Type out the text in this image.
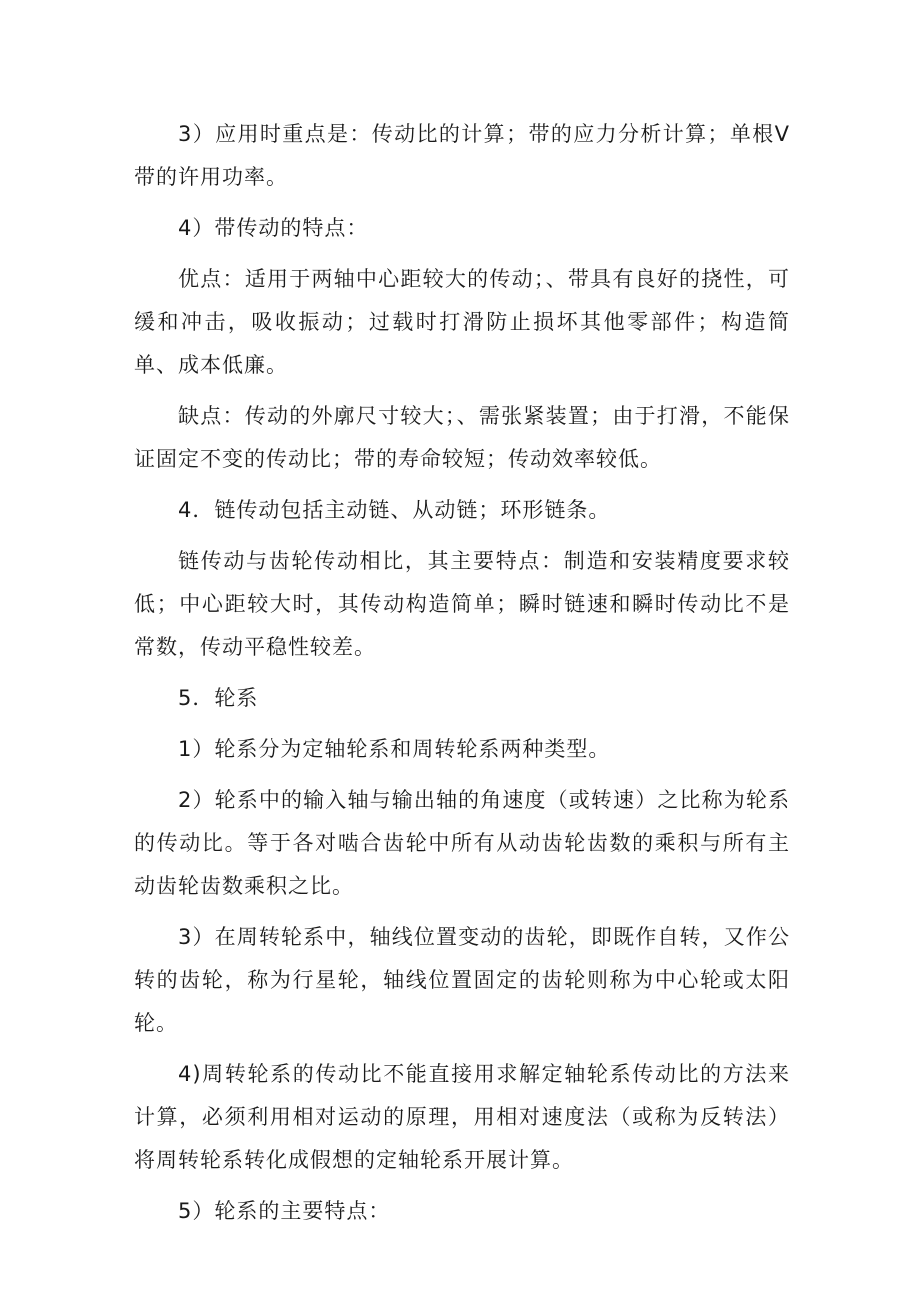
3）应用时重点是：传动比的计算；带的应力分析计算；单根V带的许用功率。

4）带传动的特点：

优点：适用于两轴中心距较大的传动；、带具有良好的挠性，可缓和冲击，吸收振动；过载时打滑防止损坏其他零部件；构造简单、成本低廉。

缺点：传动的外廓尺寸较大；、需张紧装置；由于打滑，不能保证固定不变的传动比；带的寿命较短；传动效率较低。

4．链传动包括主动链、从动链；环形链条。

链传动与齿轮传动相比，其主要特点：制造和安装精度要求较低；中心距较大时，其传动构造简单；瞬时链速和瞬时传动比不是常数，传动平稳性较差。

5．轮系

1）轮系分为定轴轮系和周转轮系两种类型。

2）轮系中的输入轴与输出轴的角速度（或转速）之比称为轮系的传动比。等于各对啮合齿轮中所有从动齿轮齿数的乘积与所有主动齿轮齿数乘积之比。

3）在周转轮系中，轴线位置变动的齿轮，即既作自转，又作公转的齿轮，称为行星轮，轴线位置固定的齿轮则称为中心轮或太阳轮。

4)周转轮系的传动比不能直接用求解定轴轮系传动比的方法来计算，必须利用相对运动的原理，用相对速度法（或称为反转法）将周转轮系转化成假想的定轴轮系开展计算。

5）轮系的主要特点：
